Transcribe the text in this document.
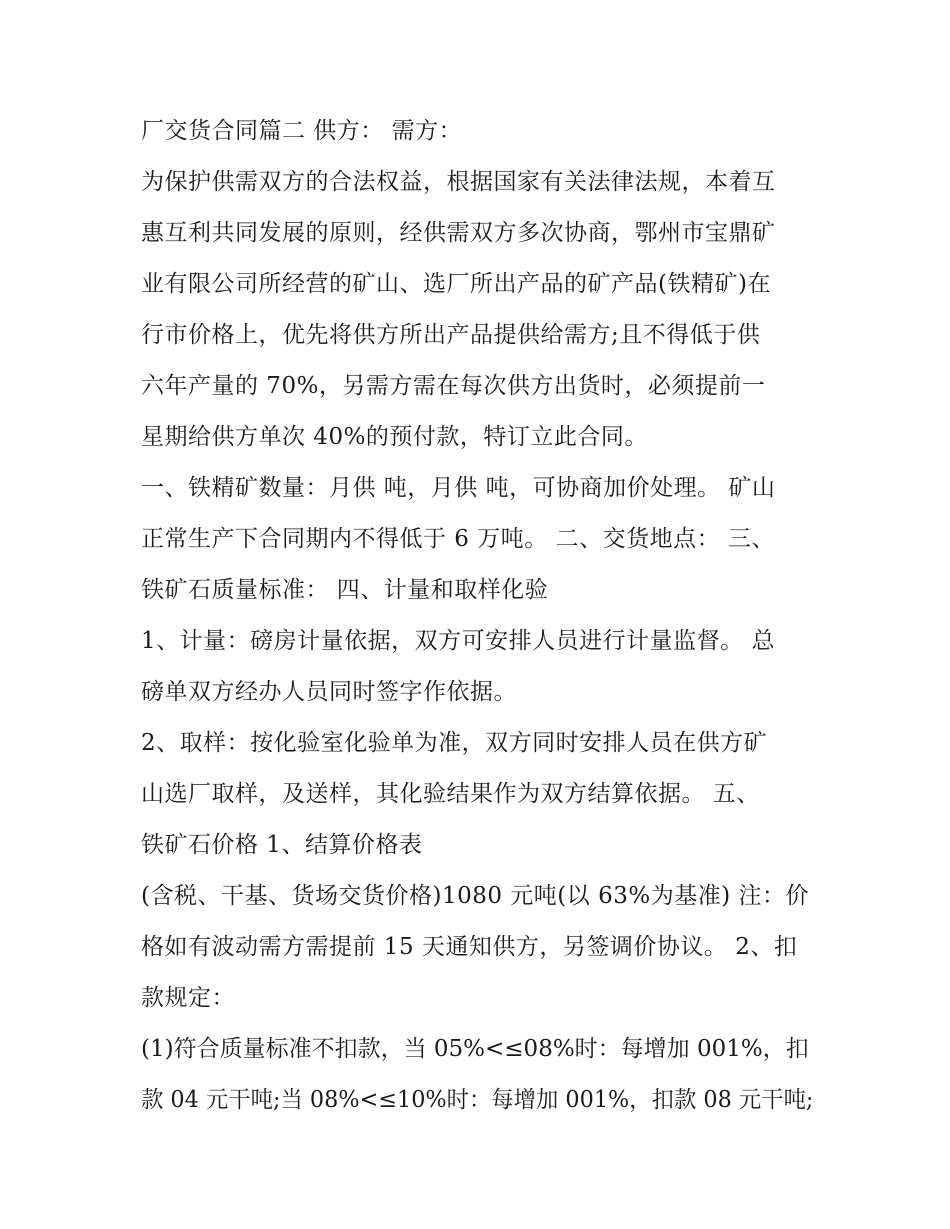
厂交货合同篇二 供方： 需方：
为保护供需双方的合法权益，根据国家有关法律法规，本着互
惠互利共同发展的原则，经供需双方多次协商，鄂州市宝鼎矿
业有限公司所经营的矿山、选厂所出产品的矿产品(铁精矿)在
行市价格上，优先将供方所出产品提供给需方;且不得低于供
六年产量的 70%，另需方需在每次供方出货时，必须提前一
星期给供方单次 40%的预付款，特订立此合同。
一、铁精矿数量：月供 吨，月供 吨，可协商加价处理。 矿山
正常生产下合同期内不得低于 6 万吨。 二、交货地点： 三、
铁矿石质量标准： 四、计量和取样化验
1、计量：磅房计量依据，双方可安排人员进行计量监督。 总
磅单双方经办人员同时签字作依据。
2、取样：按化验室化验单为准，双方同时安排人员在供方矿
山选厂取样，及送样，其化验结果作为双方结算依据。 五、
铁矿石价格 1、结算价格表
(含税、干基、货场交货价格)1080 元吨(以 63%为基准) 注：价
格如有波动需方需提前 15 天通知供方，另签调价协议。 2、扣
款规定：
(1)符合质量标准不扣款，当 05%<≤08%时：每增加 001%，扣
款 04 元干吨;当 08%<≤10%时：每增加 001%，扣款 08 元干吨;
